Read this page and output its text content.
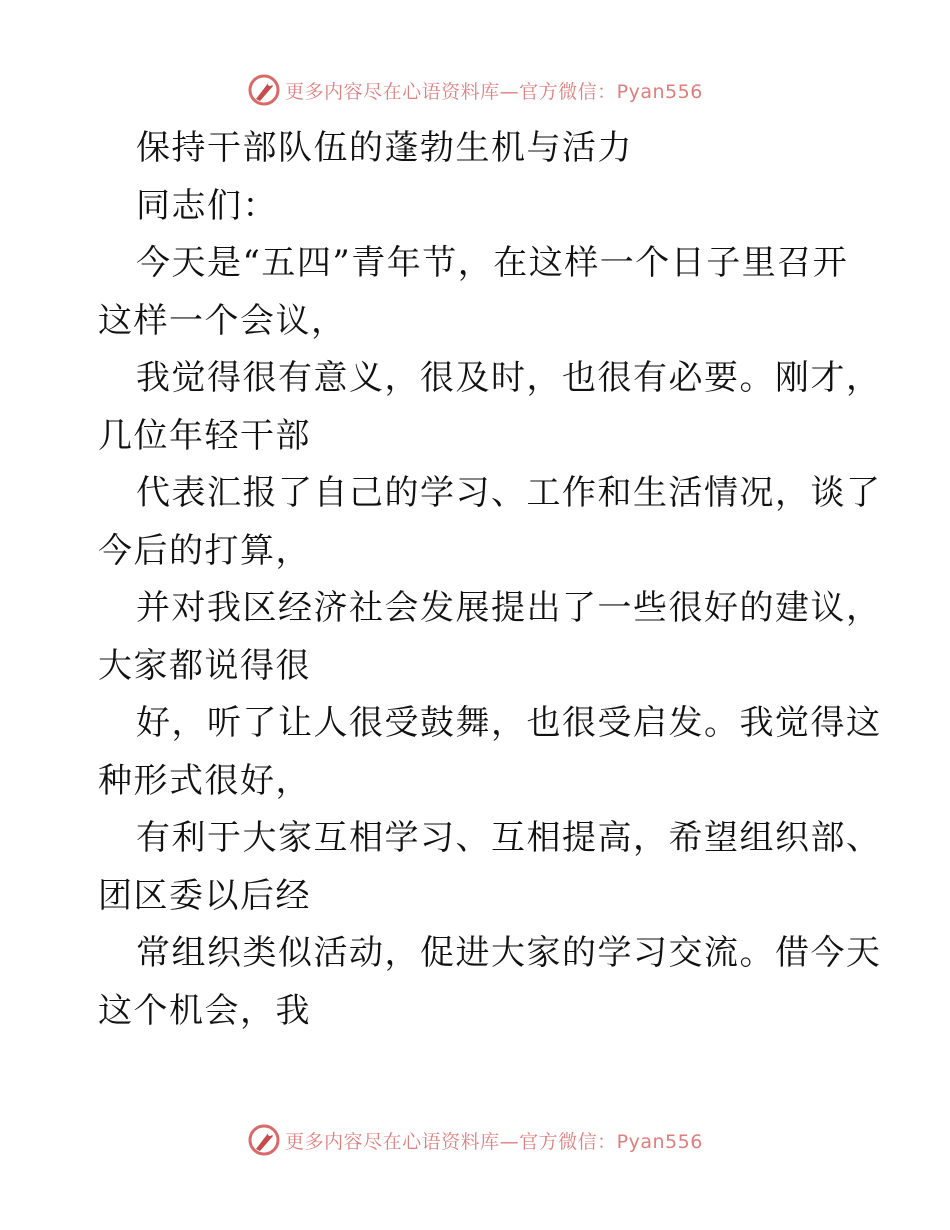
更多内容尽在心语资料库—官方微信：Pyan556
保持干部队伍的蓬勃生机与活力
同志们：
今天是“五四”青年节，在这样一个日子里召开
这样一个会议，
我觉得很有意义，很及时，也很有必要。刚才，
几位年轻干部
代表汇报了自己的学习、工作和生活情况，谈了
今后的打算，
并对我区经济社会发展提出了一些很好的建议，
大家都说得很
好，听了让人很受鼓舞，也很受启发。我觉得这
种形式很好，
有利于大家互相学习、互相提高，希望组织部、
团区委以后经
常组织类似活动，促进大家的学习交流。借今天
这个机会，我
更多内容尽在心语资料库—官方微信：Pyan556
